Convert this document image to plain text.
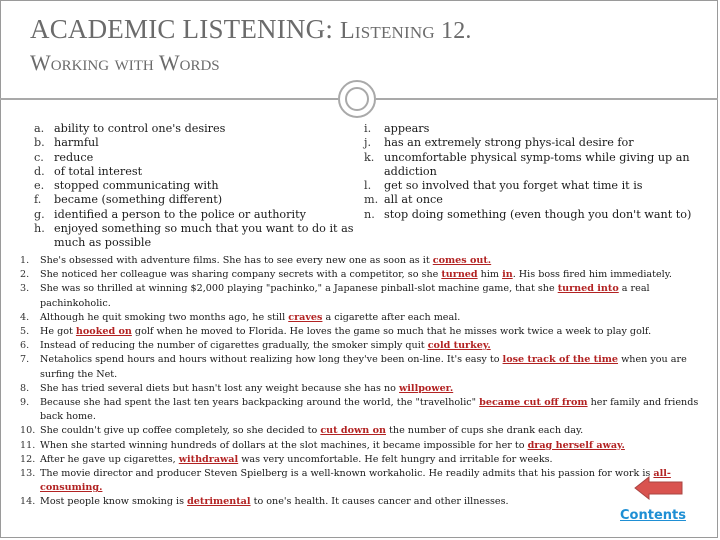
ACADEMIC LISTENING: Listening 12.
Working with Words
a. ability to control one's desires
b. harmful
c. reduce
d. of total interest
e. stopped communicating with
f. became (something different)
g. identified a person to the police or authority
h. enjoyed something so much that you want to do it as much as possible
i. appears
j. has an extremely strong phys-ical desire for
k. uncomfortable physical symp-toms while giving up an addiction
l. get so involved that you forget what time it is
m. all at once
n. stop doing something (even though you don't want to)
1. She's obsessed with adventure films. She has to see every new one as soon as it comes out.
2. She noticed her colleague was sharing company secrets with a competitor, so she turned him in. His boss fired him immediately.
3. She was so thrilled at winning $2,000 playing "pachinko," a Japanese pinball-slot machine game, that she turned into a real pachinkoholic.
4. Although he quit smoking two months ago, he still craves a cigarette after each meal.
5. He got hooked on golf when he moved to Florida. He loves the game so much that he misses work twice a week to play golf.
6. Instead of reducing the number of cigarettes gradually, the smoker simply quit cold turkey.
7. Netaholics spend hours and hours without realizing how long they've been on-line. It's easy to lose track of the time when you are surfing the Net.
8. She has tried several diets but hasn't lost any weight because she has no willpower.
9. Because she had spent the last ten years backpacking around the world, the "travelholic" became cut off from her family and friends back home.
10. She couldn't give up coffee completely, so she decided to cut down on the number of cups she drank each day.
11. When she started winning hundreds of dollars at the slot machines, it became impossible for her to drag herself away.
12. After he gave up cigarettes, withdrawal was very uncomfortable. He felt hungry and irritable for weeks.
13. The movie director and producer Steven Spielberg is a well-known workaholic. He readily admits that his passion for work is all-consuming.
14. Most people know smoking is detrimental to one's health. It causes cancer and other illnesses.
Contents
